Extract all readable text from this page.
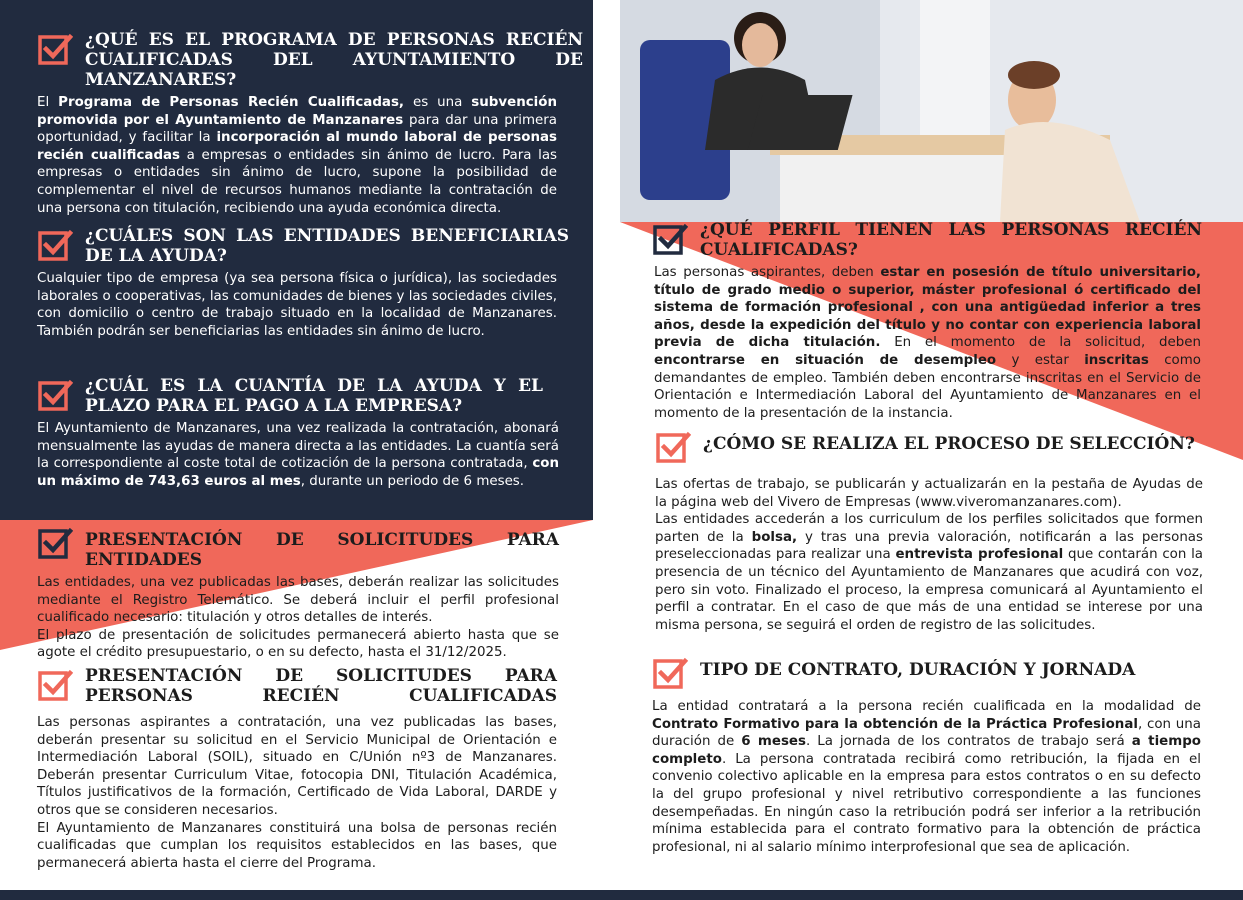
¿QUÉ ES EL PROGRAMA DE PERSONAS RECIÉN CUALIFICADAS DEL AYUNTAMIENTO DE MANZANARES?

El Programa de Personas Recién Cualificadas, es una subvención promovida por el Ayuntamiento de Manzanares para dar una primera oportunidad, y facilitar la incorporación al mundo laboral de personas recién cualificadas a empresas o entidades sin ánimo de lucro. Para las empresas o entidades sin ánimo de lucro, supone la posibilidad de complementar el nivel de recursos humanos mediante la contratación de una persona con titulación, recibiendo una ayuda económica directa.

¿CUÁLES SON LAS ENTIDADES BENEFICIARIAS DE LA AYUDA?

Cualquier tipo de empresa (ya sea persona física o jurídica), las sociedades laborales o cooperativas, las comunidades de bienes y las sociedades civiles, con domicilio o centro de trabajo situado en la localidad de Manzanares. También podrán ser beneficiarias las entidades sin ánimo de lucro.

¿CUÁL ES LA CUANTÍA DE LA AYUDA Y EL PLAZO PARA EL PAGO A LA EMPRESA?

El Ayuntamiento de Manzanares, una vez realizada la contratación, abonará mensualmente las ayudas de manera directa a las entidades. La cuantía será la correspondiente al coste total de cotización de la persona contratada, con un máximo de 743,63 euros al mes, durante un periodo de 6 meses.

PRESENTACIÓN DE SOLICITUDES PARA ENTIDADES

Las entidades, una vez publicadas las bases, deberán realizar las solicitudes mediante el Registro Telemático. Se deberá incluir el perfil profesional cualificado necesario: titulación y otros detalles de interés.

El plazo de presentación de solicitudes permanecerá abierto hasta que se agote el crédito presupuestario, o en su defecto, hasta el 31/12/2025.

PRESENTACIÓN DE SOLICITUDES PARA PERSONAS RECIÉN CUALIFICADAS

Las personas aspirantes a contratación, una vez publicadas las bases, deberán presentar su solicitud en el Servicio Municipal de Orientación e Intermediación Laboral (SOIL), situado en C/Unión nº3 de Manzanares. Deberán presentar Curriculum Vitae, fotocopia DNI, Titulación Académica, Títulos justificativos de la formación, Certificado de Vida Laboral, DARDE y otros que se consideren necesarios.

El Ayuntamiento de Manzanares constituirá una bolsa de personas recién cualificadas que cumplan los requisitos establecidos en las bases, que permanecerá abierta hasta el cierre del Programa.

¿QUÉ PERFIL TIENEN LAS PERSONAS RECIÉN CUALIFICADAS?

Las personas aspirantes, deben estar en posesión de título universitario, título de grado medio o superior, máster profesional ó certificado del sistema de formación profesional , con una antigüedad inferior a tres años, desde la expedición del título y no contar con experiencia laboral previa de dicha titulación. En el momento de la solicitud, deben encontrarse en situación de desempleo y estar inscritas como demandantes de empleo. También deben encontrarse inscritas en el Servicio de Orientación e Intermediación Laboral del Ayuntamiento de Manzanares en el momento de la presentación de la instancia.

¿CÓMO SE REALIZA EL PROCESO DE SELECCIÓN?

Las ofertas de trabajo, se publicarán y actualizarán en la pestaña de Ayudas de la página web del Vivero de Empresas (www.viveromanzanares.com).

Las entidades accederán a los curriculum de los perfiles solicitados que formen parten de la bolsa, y tras una previa valoración, notificarán a las personas preseleccionadas para realizar una entrevista profesional que contarán con la presencia de un técnico del Ayuntamiento de Manzanares que acudirá con voz, pero sin voto. Finalizado el proceso, la empresa comunicará al Ayuntamiento el perfil a contratar. En el caso de que más de una entidad se interese por una misma persona, se seguirá el orden de registro de las solicitudes.

TIPO DE CONTRATO, DURACIÓN Y JORNADA

La entidad contratará a la persona recién cualificada en la modalidad de Contrato Formativo para la obtención de la Práctica Profesional, con una duración de 6 meses. La jornada de los contratos de trabajo será a tiempo completo. La persona contratada recibirá como retribución, la fijada en el convenio colectivo aplicable en la empresa para estos contratos o en su defecto la del grupo profesional y nivel retributivo correspondiente a las funciones desempeñadas. En ningún caso la retribución podrá ser inferior a la retribución mínima establecida para el contrato formativo para la obtención de práctica profesional, ni al salario mínimo interprofesional que sea de aplicación.
